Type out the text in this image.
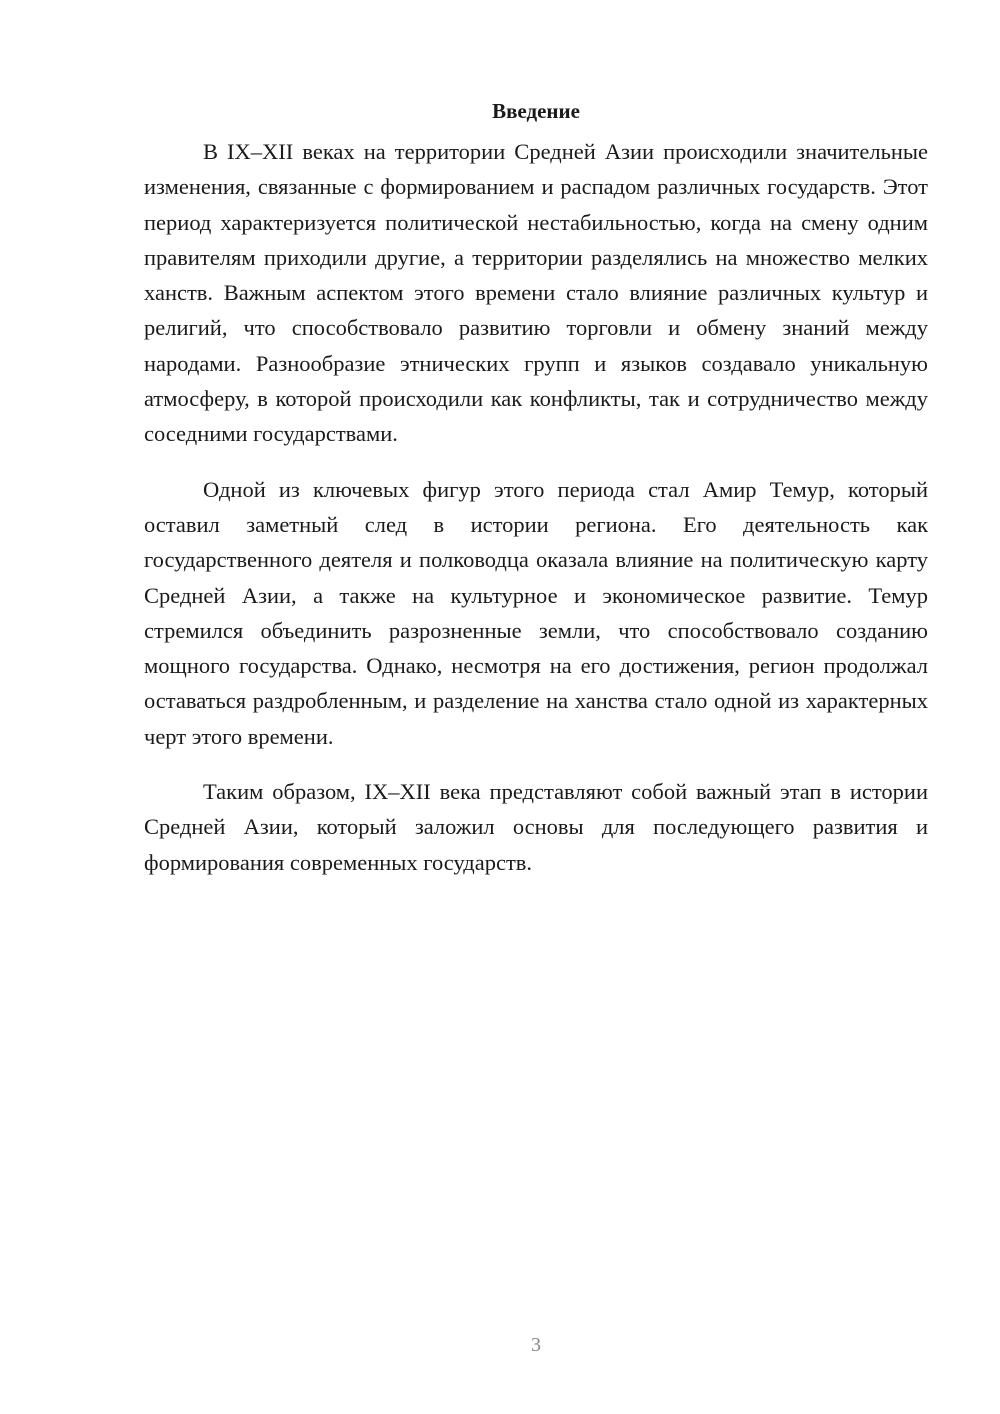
Введение

В IX–XII веках на территории Средней Азии происходили значительные изменения, связанные с формированием и распадом различных государств. Этот период характеризуется политической нестабильностью, когда на смену одним правителям приходили другие, а территории разделялись на множество мелких ханств. Важным аспектом этого времени стало влияние различных культур и религий, что способствовало развитию торговли и обмену знаний между народами. Разнообразие этнических групп и языков создавало уникальную атмосферу, в которой происходили как конфликты, так и сотрудничество между соседними государствами.

Одной из ключевых фигур этого периода стал Амир Темур, который оставил заметный след в истории региона. Его деятельность как государственного деятеля и полководца оказала влияние на политическую карту Средней Азии, а также на культурное и экономическое развитие. Темур стремился объединить разрозненные земли, что способствовало созданию мощного государства. Однако, несмотря на его достижения, регион продолжал оставаться раздробленным, и разделение на ханства стало одной из характерных черт этого времени.

Таким образом, IX–XII века представляют собой важный этап в истории Средней Азии, который заложил основы для последующего развития и формирования современных государств.

3
